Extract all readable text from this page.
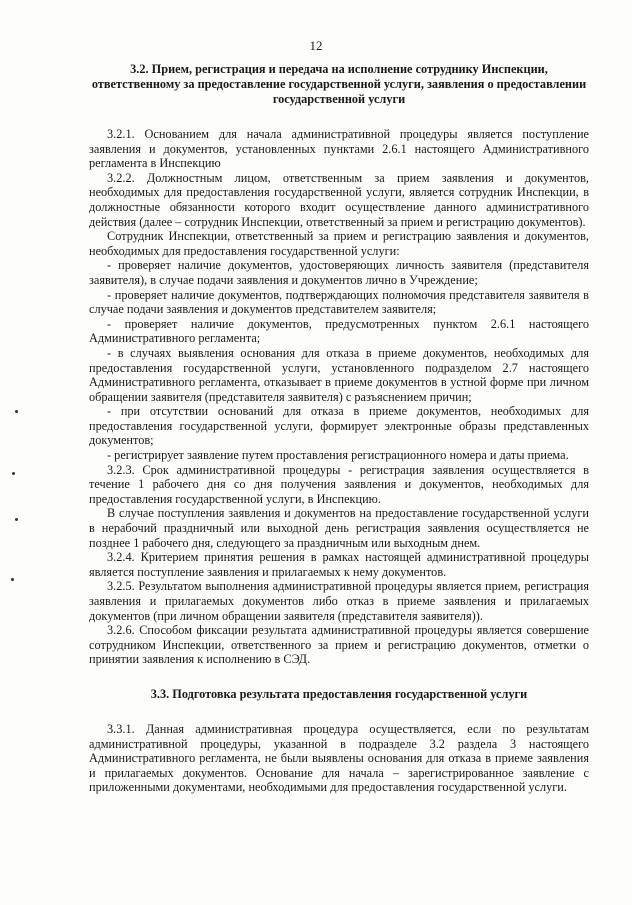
12

3.2. Прием, регистрация и передача на исполнение сотруднику Инспекции, ответственному за предоставление государственной услуги, заявления о предоставлении государственной услуги

3.2.1. Основанием для начала административной процедуры является поступление заявления и документов, установленных пунктами 2.6.1 настоящего Административного регламента в Инспекцию

3.2.2. Должностным лицом, ответственным за прием заявления и документов, необходимых для предоставления государственной услуги, является сотрудник Инспекции, в должностные обязанности которого входит осуществление данного административного действия (далее – сотрудник Инспекции, ответственный за прием и регистрацию документов).

Сотрудник Инспекции, ответственный за прием и регистрацию заявления и документов, необходимых для предоставления государственной услуги:

- проверяет наличие документов, удостоверяющих личность заявителя (представителя заявителя), в случае подачи заявления и документов лично в Учреждение;

- проверяет наличие документов, подтверждающих полномочия представителя заявителя в случае подачи заявления и документов представителем заявителя;

- проверяет наличие документов, предусмотренных пунктом 2.6.1 настоящего Административного регламента;

- в случаях выявления основания для отказа в приеме документов, необходимых для предоставления государственной услуги, установленного подразделом 2.7 настоящего Административного регламента, отказывает в приеме документов в устной форме при личном обращении заявителя (представителя заявителя) с разъяснением причин;

- при отсутствии оснований для отказа в приеме документов, необходимых для предоставления государственной услуги, формирует электронные образы представленных документов;

- регистрирует заявление путем проставления регистрационного номера и даты приема.

3.2.3. Срок административной процедуры - регистрация заявления осуществляется в течение 1 рабочего дня со дня получения заявления и документов, необходимых для предоставления государственной услуги, в Инспекцию.

В случае поступления заявления и документов на предоставление государственной услуги в нерабочий праздничный или выходной день регистрация заявления осуществляется не позднее 1 рабочего дня, следующего за праздничным или выходным днем.

3.2.4. Критерием принятия решения в рамках настоящей административной процедуры является поступление заявления и прилагаемых к нему документов.

3.2.5. Результатом выполнения административной процедуры является прием, регистрация заявления и прилагаемых документов либо отказ в приеме заявления и прилагаемых документов (при личном обращении заявителя (представителя заявителя)).

3.2.6. Способом фиксации результата административной процедуры является совершение сотрудником Инспекции, ответственного за прием и регистрацию документов, отметки о принятии заявления к исполнению в СЭД.

3.3. Подготовка результата предоставления государственной услуги

3.3.1. Данная административная процедура осуществляется, если по результатам административной процедуры, указанной в подразделе 3.2 раздела 3 настоящего Административного регламента, не были выявлены основания для отказа в приеме заявления и прилагаемых документов. Основание для начала – зарегистрированное заявление с приложенными документами, необходимыми для предоставления государственной услуги.
